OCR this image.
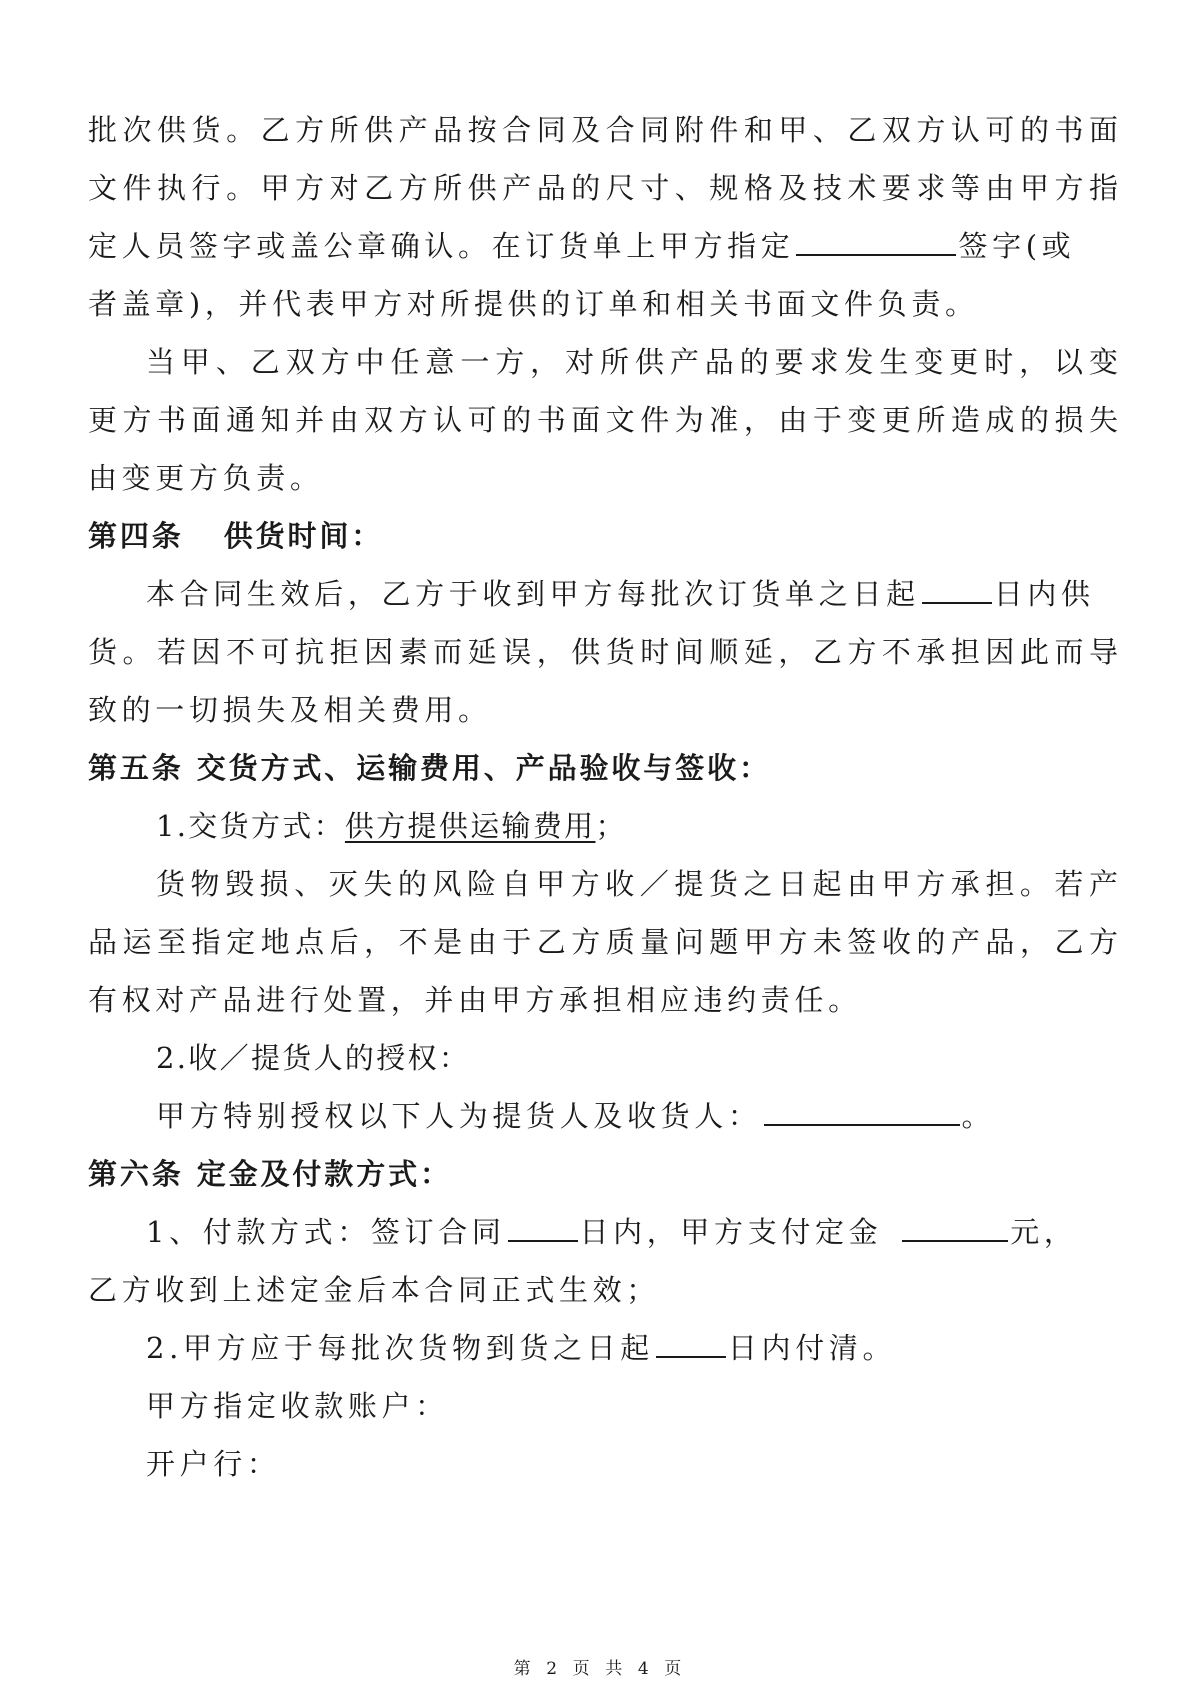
批次供货。乙方所供产品按合同及合同附件和甲、乙双方认可的书面
文件执行。甲方对乙方所供产品的尺寸、规格及技术要求等由甲方指
定人员签字或盖公章确认。在订货单上甲方指定	签字(或
者盖章)，并代表甲方对所提供的订单和相关书面文件负责。
当甲、乙双方中任意一方，对所供产品的要求发生变更时，以变
更方书面通知并由双方认可的书面文件为准，由于变更所造成的损失
由变更方负责。
第四条 供货时间：
本合同生效后，乙方于收到甲方每批次订货单之日起	日内供
货。若因不可抗拒因素而延误，供货时间顺延，乙方不承担因此而导
致的一切损失及相关费用。
第五条 交货方式、运输费用、产品验收与签收：
1.交货方式：供方提供运输费用；
货物毁损、灭失的风险自甲方收／提货之日起由甲方承担。若产
品运至指定地点后，不是由于乙方质量问题甲方未签收的产品，乙方
有权对产品进行处置，并由甲方承担相应违约责任。
2.收／提货人的授权：
甲方特别授权以下人为提货人及收货人：	。
第六条 定金及付款方式：
1、付款方式：签订合同	日内，甲方支付定金	元，
乙方收到上述定金后本合同正式生效；
2.甲方应于每批次货物到货之日起	日内付清。
甲方指定收款账户：
开户行：
第 2 页 共 4 页
